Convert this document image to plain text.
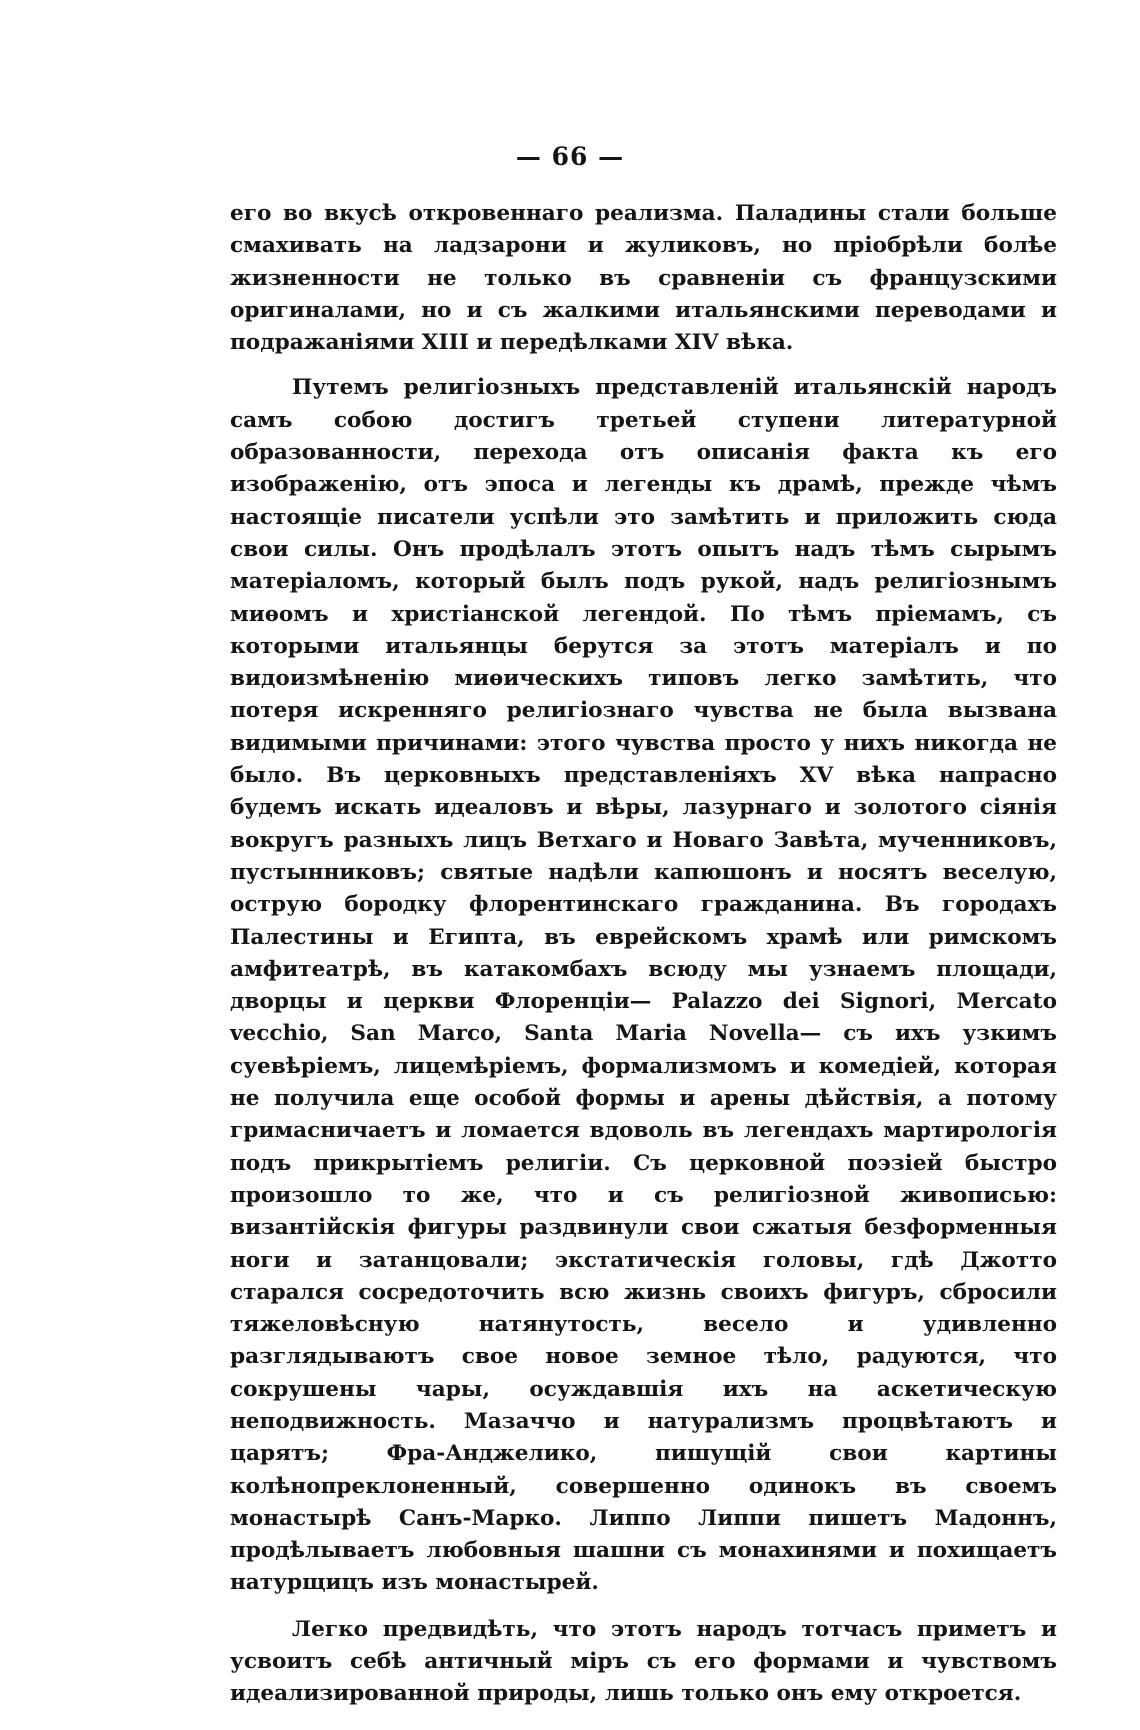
— 66 —

его во вкусѣ откровеннаго реализма. Паладины стали больше смахивать на ладзарони и жуликовъ, но пріобрѣли болѣе жизненности не только въ сравненіи съ французскими оригиналами, но и съ жалкими итальянскими переводами и подражаніями XIII и передѣлками XIV вѣка.

Путемъ религіозныхъ представленій итальянскій народъ самъ собою достигъ третьей ступени литературной образованности, перехода отъ описанія факта къ его изображенію, отъ эпоса и легенды къ драмѣ, прежде чѣмъ настоящіе писатели успѣли это замѣтить и приложить сюда свои силы. Онъ продѣлалъ этотъ опытъ надъ тѣмъ сырымъ матеріаломъ, который былъ подъ рукой, надъ религіознымъ миѳомъ и христіанской легендой. По тѣмъ пріемамъ, съ которыми итальянцы берутся за этотъ матеріалъ и по видоизмѣненію миѳическихъ типовъ легко замѣтить, что потеря искренняго религіознаго чувства не была вызвана видимыми причинами: этого чувства просто у нихъ никогда не было. Въ церковныхъ представленіяхъ XV вѣка напрасно будемъ искать идеаловъ и вѣры, лазурнаго и золотого сіянія вокругъ разныхъ лицъ Ветхаго и Новаго Завѣта, мученниковъ, пустынниковъ; святые надѣли капюшонъ и носятъ веселую, острую бородку флорентинскаго гражданина. Въ городахъ Палестины и Египта, въ еврейскомъ храмѣ или римскомъ амфитеатрѣ, въ катакомбахъ всюду мы узнаемъ площади, дворцы и церкви Флоренціи— Palazzo dei Signori, Mercato vecchio, San Marco, Santa Maria Novella— съ ихъ узкимъ суевѣріемъ, лицемѣріемъ, формализмомъ и комедіей, которая не получила еще особой формы и арены дѣйствія, а потому гримасничаетъ и ломается вдоволь въ легендахъ мартирологія подъ прикрытіемъ религіи. Съ церковной поэзіей быстро произошло то же, что и съ религіозной живописью: византійскія фигуры раздвинули свои сжатыя безформенныя ноги и затанцовали; экстатическія головы, гдѣ Джотто старался сосредоточить всю жизнь своихъ фигуръ, сбросили тяжеловѣсную натянутость, весело и удивленно разглядываютъ свое новое земное тѣло, радуются, что сокрушены чары, осуждавшія ихъ на аскетическую неподвижность. Мазаччо и натурализмъ процвѣтаютъ и царятъ; Фра-Анджелико, пишущій свои картины колѣнопреклоненный, совершенно одинокъ въ своемъ монастырѣ Санъ-Марко. Липпо Липпи пишетъ Мадоннъ, продѣлываетъ любовныя шашни съ монахинями и похищаетъ натурщицъ изъ монастырей.

Легко предвидѣть, что этотъ народъ тотчасъ приметъ и усвоитъ себѣ античный міръ съ его формами и чувствомъ идеализированной природы, лишь только онъ ему откроется.
